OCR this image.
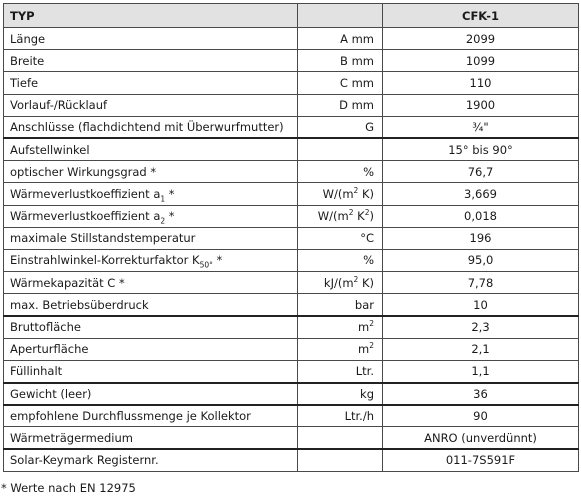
TYP		CFK-1
Länge	A mm	2099
Breite	B mm	1099
Tiefe	C mm	110
Vorlauf-/Rücklauf	D mm	1900
Anschlüsse (flachdichtend mit Überwurfmutter)	G	¾"
Aufstellwinkel		15° bis 90°
optischer Wirkungsgrad *	%	76,7
Wärmeverlustkoeffizient $a_1$ *	$W/(m^2$ K)	3,669
Wärmeverlustkoeffizient $a_2$ *	$W/(m^2$ $K^2$)	0,018
maximale Stillstandstemperatur	°C	196
Einstrahlwinkel-Korrekturfaktor $K_{50^\circ}$ *	%	95,0
Wärmekapazität C *	$kJ/(m^2$ K)	7,78
max. Betriebsüberdruck	bar	10
Bruttofläche	$m^2$	2,3
Aperturfläche	$m^2$	2,1
Füllinhalt	Ltr.	1,1
Gewicht (leer)	kg	36
empfohlene Durchflussmenge je Kollektor	Ltr./h	90
Wärmeträgermedium		ANRO (unverdünnt)
Solar-Keymark Registernr.		011-7S591F
* Werte nach EN 12975
